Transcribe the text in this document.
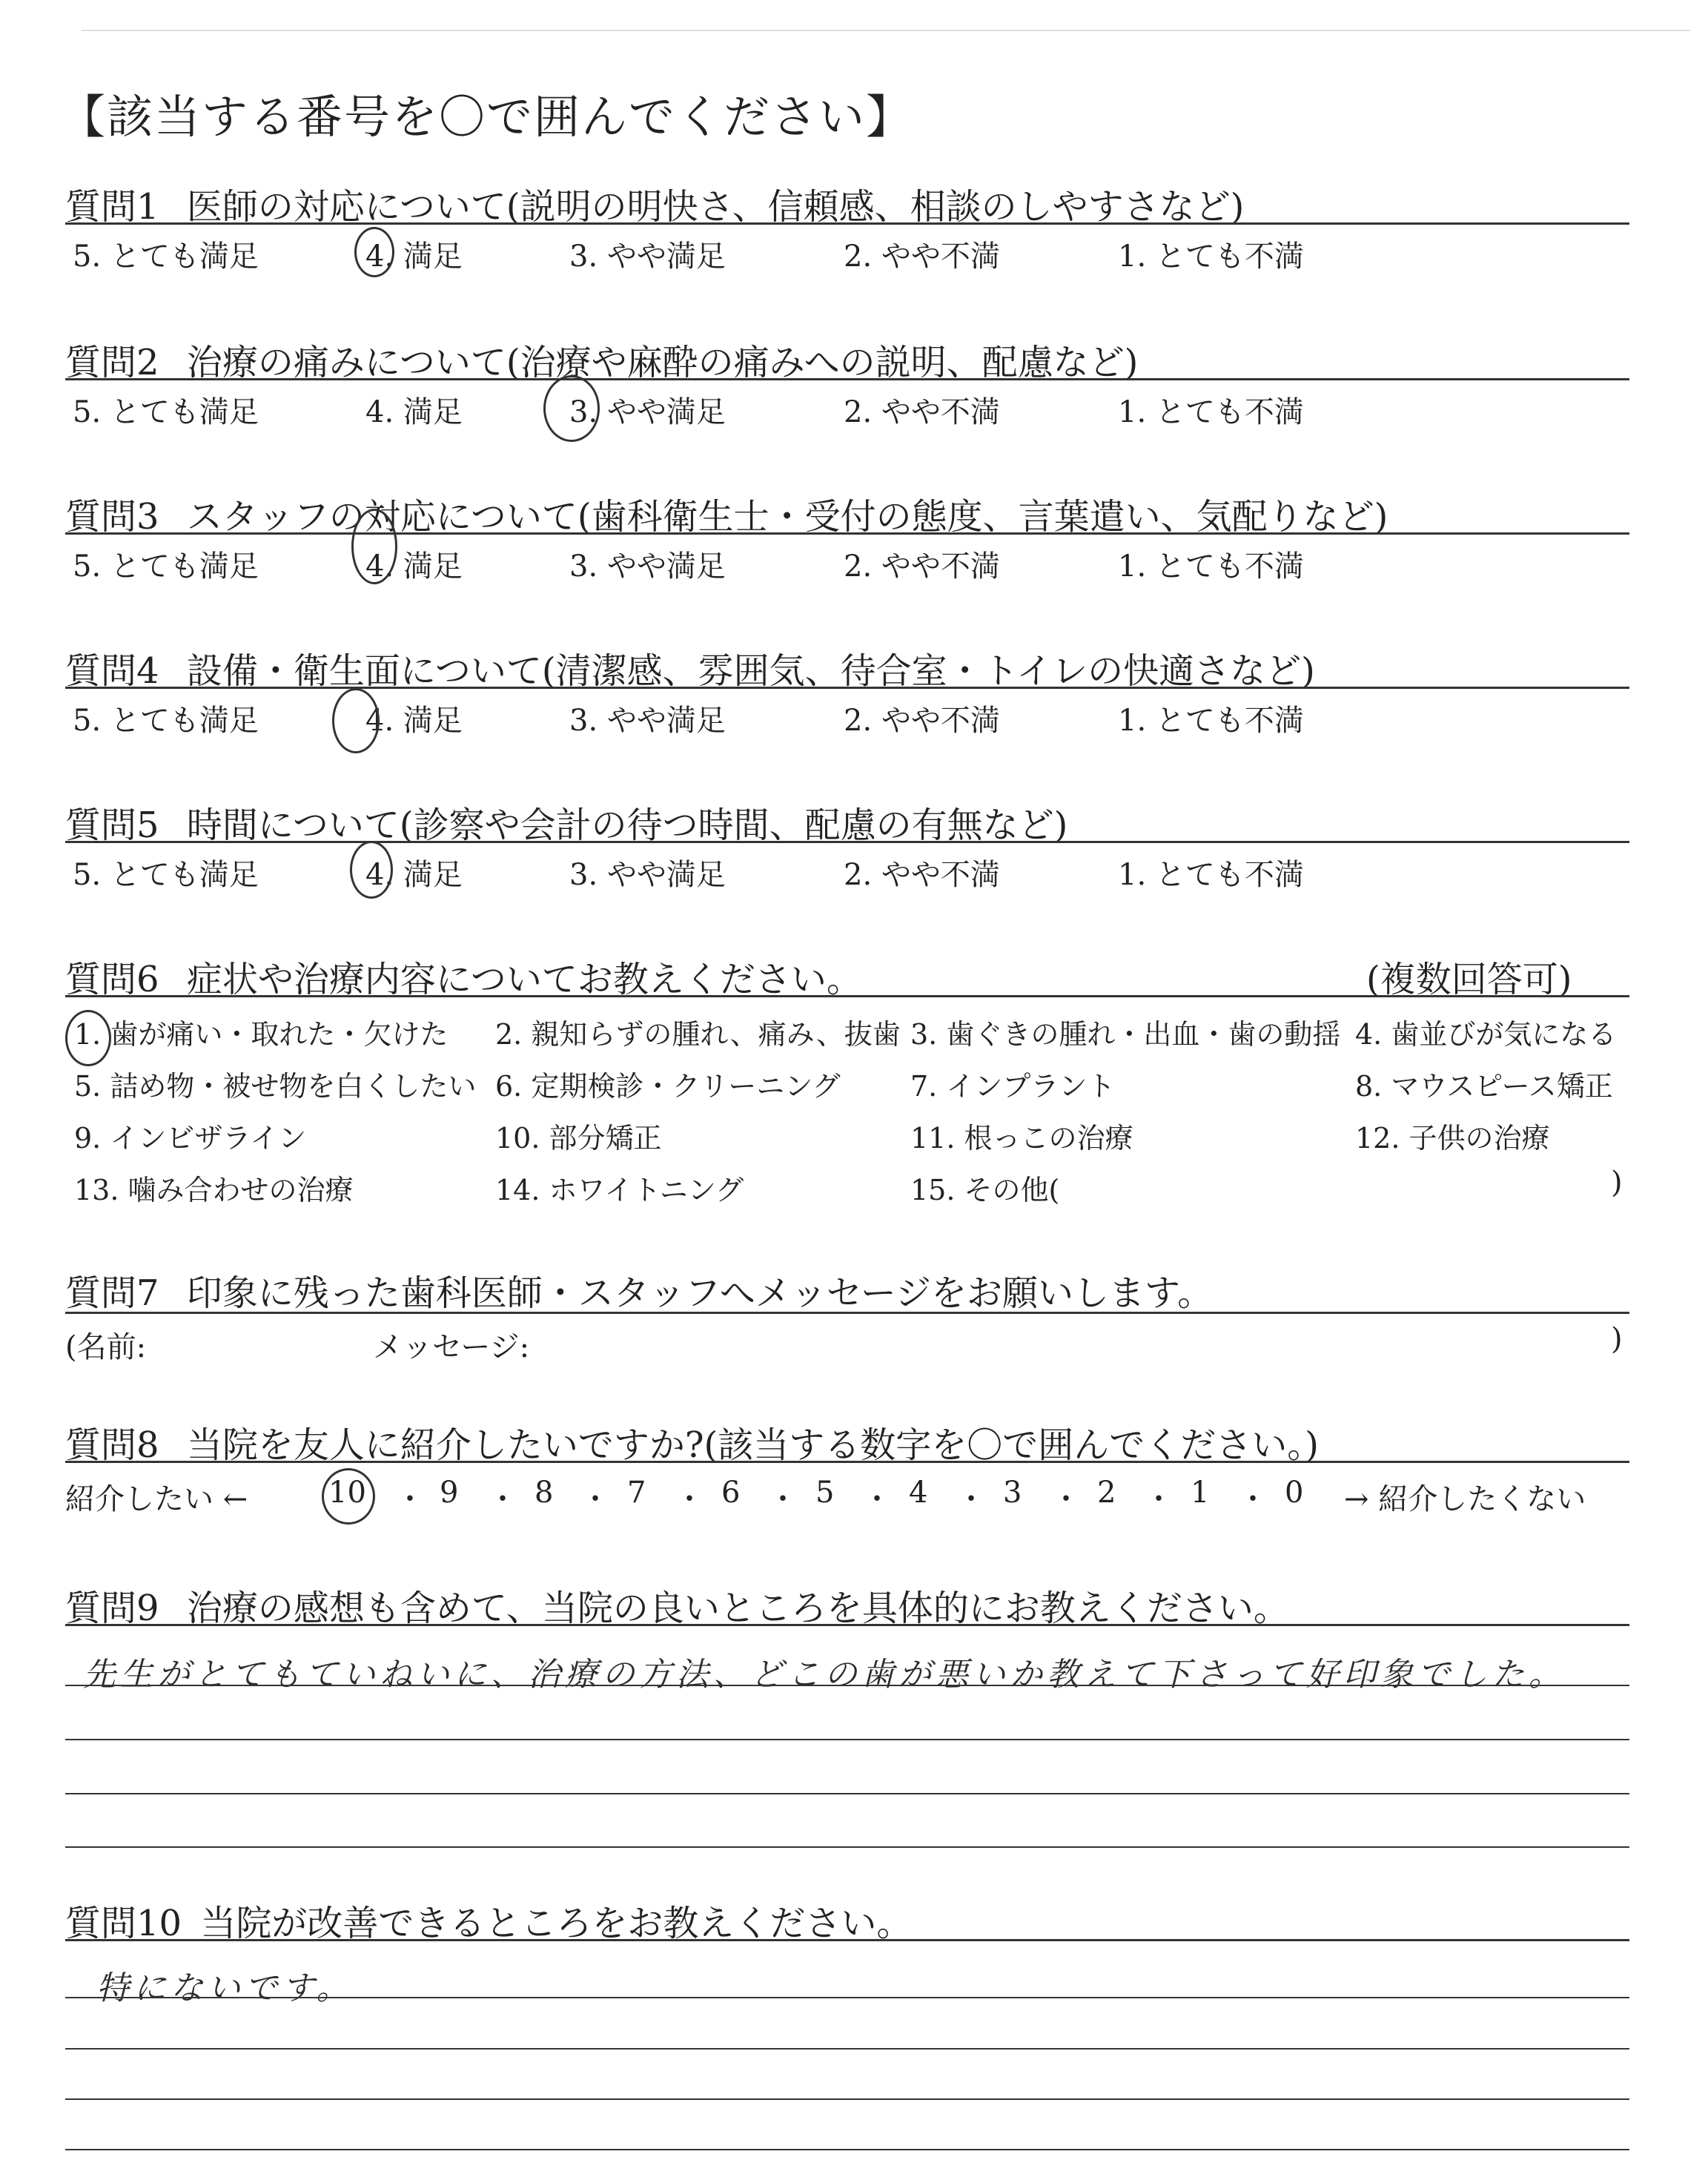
【該当する番号を〇で囲んでください】
質問1 医師の対応について(説明の明快さ、信頼感、相談のしやすさなど)
5. とても満足	4. 満足	3. やや満足	2. やや不満	1. とても不満
質問2 治療の痛みについて(治療や麻酔の痛みへの説明、配慮など)
5. とても満足	4. 満足	3. やや満足	2. やや不満	1. とても不満
質問3 スタッフの対応について(歯科衛生士・受付の態度、言葉遣い、気配りなど)
5. とても満足	4. 満足	3. やや満足	2. やや不満	1. とても不満
質問4 設備・衛生面について(清潔感、雰囲気、待合室・トイレの快適さなど)
5. とても満足	4. 満足	3. やや満足	2. やや不満	1. とても不満
質問5 時間について(診察や会計の待つ時間、配慮の有無など)
5. とても満足	4. 満足	3. やや満足	2. やや不満	1. とても不満
質問6 症状や治療内容についてお教えください。	(複数回答可)
1. 歯が痛い・取れた・欠けた 2. 親知らずの腫れ、痛み、抜歯 3. 歯ぐきの腫れ・出血・歯の動揺 4. 歯並びが気になる
5. 詰め物・被せ物を白くしたい 6. 定期検診・クリーニング 7. インプラント	8. マウスピース矯正
9. インビザライン	10. 部分矯正	11. 根っこの治療	12. 子供の治療
13. 噛み合わせの治療	14. ホワイトニング	15. その他(	)
質問7 印象に残った歯科医師・スタッフへメッセージをお願いします。
(名前:	メッセージ:	)
質問8 当院を友人に紹介したいですか?(該当する数字を〇で囲んでください。)
紹介したい ←	→ 紹介したくない
10 ・ 9 ・ 8 ・ 7 ・ 6 ・ 5 ・ 4 ・ 3 ・ 2 ・ 1 ・ 0
質問9 治療の感想も含めて、当院の良いところを具体的にお教えください。
先生がとてもていねいに、治療の方法、どこの歯が悪いか教えて下さって好印象でした。
質問10 当院が改善できるところをお教えください。
特にないです。
